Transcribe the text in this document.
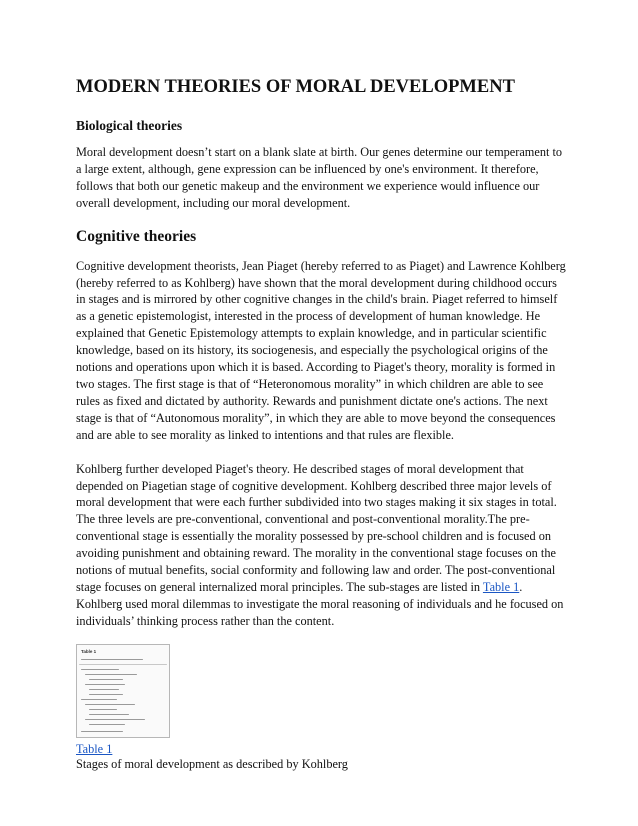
MODERN THEORIES OF MORAL DEVELOPMENT
Biological theories

Moral development doesn’t start on a blank slate at birth. Our genes determine our temperament to a large extent, although, gene expression can be influenced by one's environment. It therefore, follows that both our genetic makeup and the environment we experience would influence our overall development, including our moral development.

Cognitive theories

Cognitive development theorists, Jean Piaget (hereby referred to as Piaget) and Lawrence Kohlberg (hereby referred to as Kohlberg) have shown that the moral development during childhood occurs in stages and is mirrored by other cognitive changes in the child's brain. Piaget referred to himself as a genetic epistemologist, interested in the process of development of human knowledge. He explained that Genetic Epistemology attempts to explain knowledge, and in particular scientific knowledge, based on its history, its sociogenesis, and especially the psychological origins of the notions and operations upon which it is based. According to Piaget's theory, morality is formed in two stages. The first stage is that of “Heteronomous morality” in which children are able to see rules as fixed and dictated by authority. Rewards and punishment dictate one's actions. The next stage is that of “Autonomous morality”, in which they are able to move beyond the consequences and are able to see morality as linked to intentions and that rules are flexible.

Kohlberg further developed Piaget's theory. He described stages of moral development that depended on Piagetian stage of cognitive development. Kohlberg described three major levels of moral development that were each further subdivided into two stages making it six stages in total. The three levels are pre-conventional, conventional and post-conventional morality.The pre-conventional stage is essentially the morality possessed by pre-school children and is focused on avoiding punishment and obtaining reward. The morality in the conventional stage focuses on the notions of mutual benefits, social conformity and following law and order. The post-conventional stage focuses on general internalized moral principles. The sub-stages are listed in Table 1. Kohlberg used moral dilemmas to investigate the moral reasoning of individuals and he focused on individuals’ thinking process rather than the content.

Table 1
Table 1

Stages of moral development as described by Kohlberg
